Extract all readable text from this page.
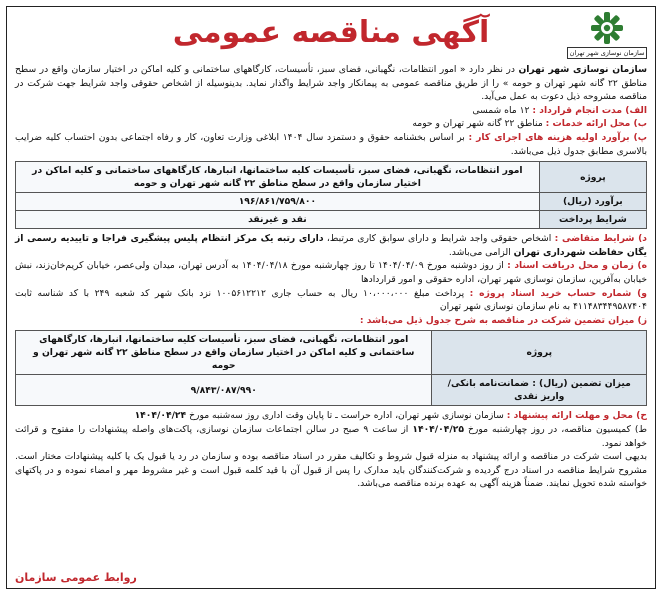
سازمان نوسازی شهر تهران
آگهی مناقصه عمومی

سازمان نوسازی شهر تهران در نظر دارد « امور انتظامات، نگهبانی، فضای سبز، تأسیسات، کارگاههای ساختمانی و کلیه اماکن در اختیار سازمان واقع در سطح مناطق ۲۲ گانه شهر تهران و حومه » را از طریق مناقصه عمومی به پیمانکار واجد شرایط واگذار نماید. بدینوسیله از اشخاص حقوقی واجد شرایط جهت شرکت در مناقصه مشروحه ذیل دعوت به عمل می‌آید.

الف) مدت انجام قرارداد : ۱۲ ماه شمسی

ب) محل ارائه خدمات : مناطق ۲۲ گانه شهر تهران و حومه

پ) برآورد اولیه هزینه های اجرای کار : بر اساس بخشنامه حقوق و دستمزد سال ۱۴۰۴ ابلاغی وزارت تعاون، کار و رفاه اجتماعی بدون احتساب کلیه ضرایب بالاسری مطابق جدول ذیل می‌باشد.

پروژه	امور انتظامات، نگهبانی، فضای سبز، تأسیسات کلیه ساختمانها، انبارها، کارگاههای ساختمانی و کلیه اماکن در اختیار سازمان واقع در سطح مناطق ۲۲ گانه شهر تهران و حومه
برآورد (ریال)	۱۹۶/۸۶۱/۷۵۹/۸۰۰
شرایط پرداخت	نقد و غیرنقد

د) شرایط متقاضی : اشخاص حقوقی واجد شرایط و دارای سوابق کاری مرتبط، دارای رتبه یک مرکز انتظام پلیس پیشگیری فراجا و تاییدیه رسمی از یگان حفاظت شهرداری تهران الزامی می‌باشد.

ه) زمان و محل دریافت اسناد : از روز دوشنبه مورخ ۱۴۰۴/۰۴/۰۹ تا روز چهارشنبه مورخ ۱۴۰۴/۰۴/۱۸ به آدرس تهران، میدان ولی‌عصر، خیابان کریم‌خان‌زند، نبش خیابان به‌آفرین، سازمان نوسازی شهر تهران، اداره حقوقی و امور قراردادها

و) شماره حساب خرید اسناد پروژه : پرداخت مبلغ ۱۰،۰۰۰،۰۰۰ ریال به حساب جاری ۱۰۰۵۶۱۲۲۱۲ نزد بانک شهر کد شعبه ۲۴۹ با کد شناسه ثابت ۴۱۱۴۸۳۴۴۹۵۸۷۴۰۴ به نام سازمان نوسازی شهر تهران

ز) میزان تضمین شرکت در مناقصه به شرح جدول ذیل می‌باشد :

پروژه	امور انتظامات، نگهبانی، فضای سبز، تأسیسات کلیه ساختمانها، انبارها، کارگاههای ساختمانی و کلیه اماکن در اختیار سازمان واقع در سطح مناطق ۲۲ گانه شهر تهران و حومه
میزان تضمین (ریال) : ضمانت‌نامه بانکی/ واریز نقدی	۹/۸۴۳/۰۸۷/۹۹۰

ح) محل و مهلت ارائه پیشنهاد : سازمان نوسازی شهر تهران، اداره حراست ـ تا پایان وقت اداری روز سه‌شنبه مورخ ۱۴۰۴/۰۴/۲۴

ط) کمیسیون مناقصه، در روز چهارشنبه مورخ ۱۴۰۴/۰۴/۲۵ از ساعت ۹ صبح در سالن اجتماعات سازمان نوسازی، پاکت‌های واصله پیشنهادات را مفتوح و قرائت خواهد نمود.

بدیهی است شرکت در مناقصه و ارائه پیشنهاد به منزله قبول شروط و تکالیف مقرر در اسناد مناقصه بوده و سازمان در رد یا قبول یک یا کلیه پیشنهادات مختار است. مشروح شرایط مناقصه در اسناد درج گردیده و شرکت‌کنندگان باید مدارک را پس از قبول آن با قید کلمه قبول است و غیر مشروط مهر و امضاء نموده و در پاکتهای خواسته شده تحویل نمایند. ضمناً هزینه آگهی به عهده برنده مناقصه می‌باشد.

روابط عمومی سازمان
